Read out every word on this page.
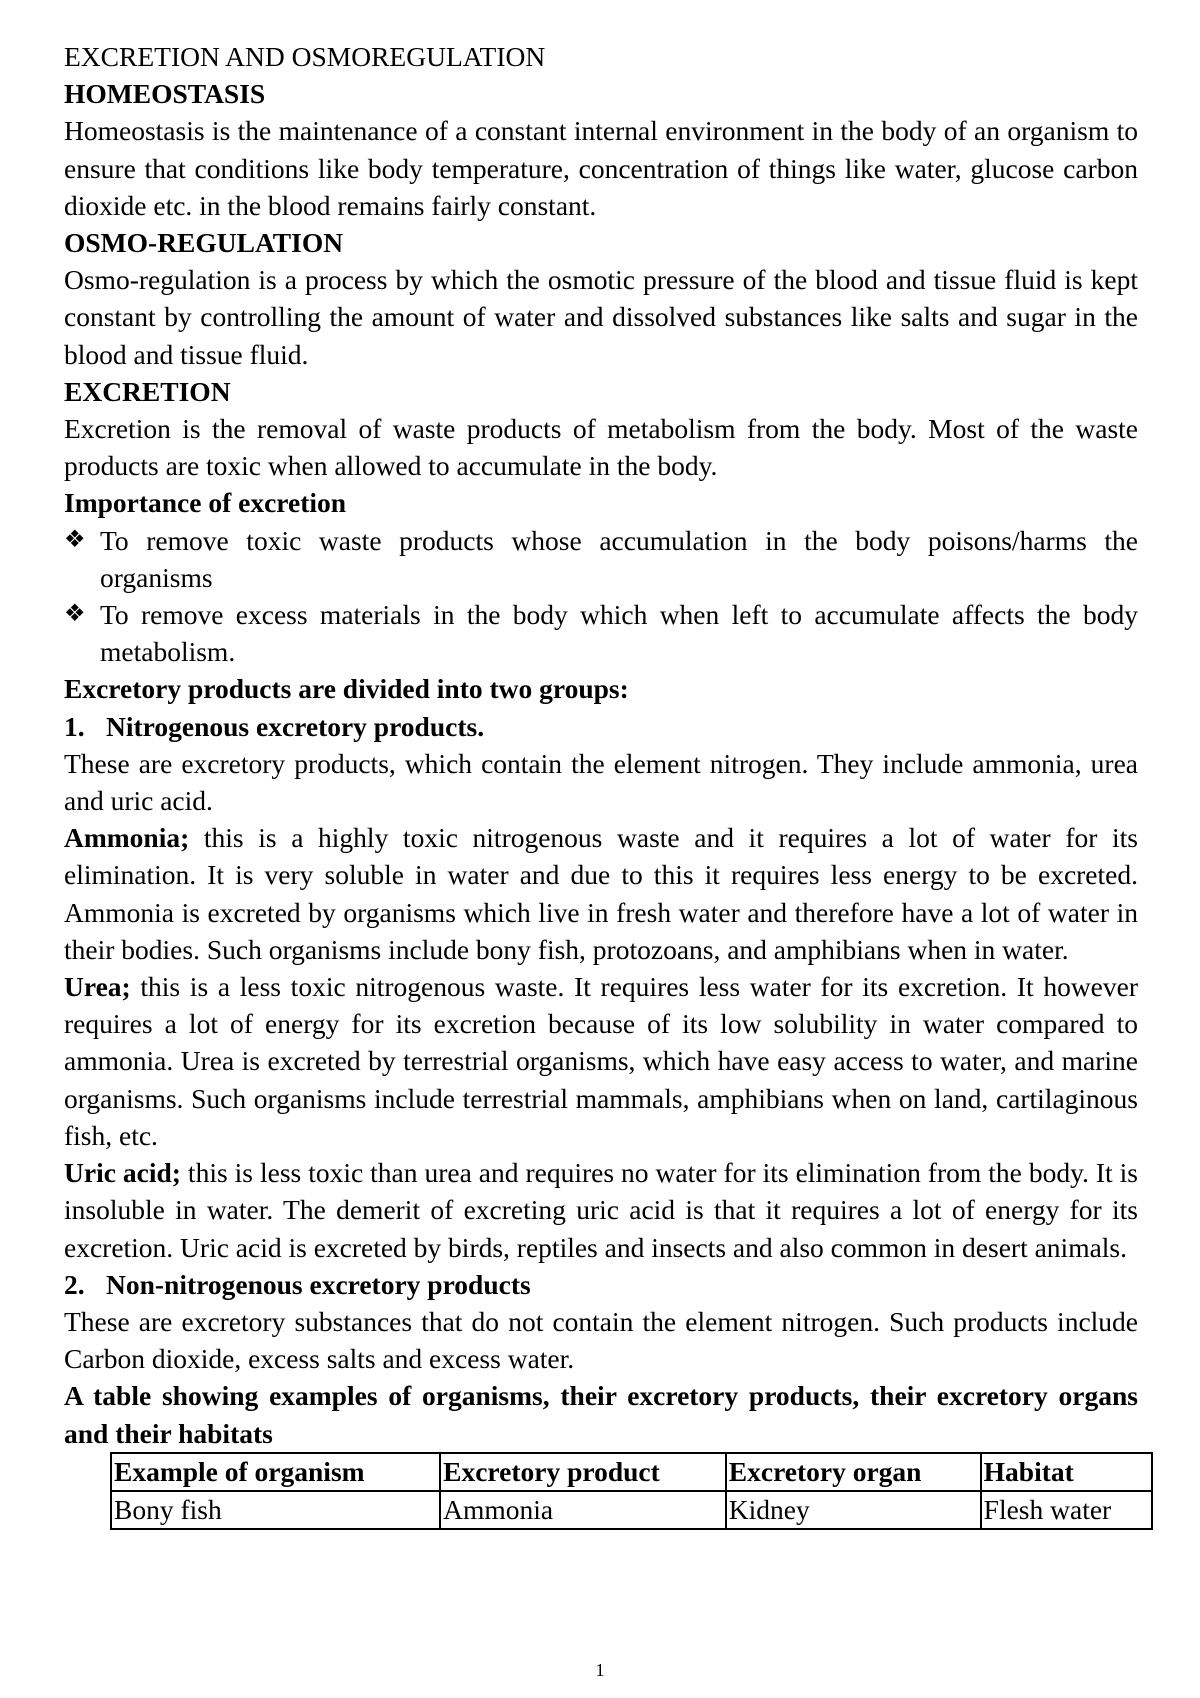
EXCRETION AND OSMOREGULATION
HOMEOSTASIS

Homeostasis is the maintenance of a constant internal environment in the body of an organism to ensure that conditions like body temperature, concentration of things like water, glucose carbon dioxide etc. in the blood remains fairly constant.

OSMO-REGULATION

Osmo-regulation is a process by which the osmotic pressure of the blood and tissue fluid is kept constant by controlling the amount of water and dissolved substances like salts and sugar in the blood and tissue fluid.

EXCRETION

Excretion is the removal of waste products of metabolism from the body. Most of the waste products are toxic when allowed to accumulate in the body.

Importance of excretion
❖ To remove toxic waste products whose accumulation in the body poisons/harms the organisms
❖ To remove excess materials in the body which when left to accumulate affects the body metabolism.
Excretory products are divided into two groups:
1. Nitrogenous excretory products.

These are excretory products, which contain the element nitrogen. They include ammonia, urea and uric acid.

Ammonia; this is a highly toxic nitrogenous waste and it requires a lot of water for its elimination. It is very soluble in water and due to this it requires less energy to be excreted. Ammonia is excreted by organisms which live in fresh water and therefore have a lot of water in their bodies. Such organisms include bony fish, protozoans, and amphibians when in water.

Urea; this is a less toxic nitrogenous waste. It requires less water for its excretion. It however requires a lot of energy for its excretion because of its low solubility in water compared to ammonia. Urea is excreted by terrestrial organisms, which have easy access to water, and marine organisms. Such organisms include terrestrial mammals, amphibians when on land, cartilaginous fish, etc.

Uric acid; this is less toxic than urea and requires no water for its elimination from the body. It is insoluble in water. The demerit of excreting uric acid is that it requires a lot of energy for its excretion. Uric acid is excreted by birds, reptiles and insects and also common in desert animals.

2. Non-nitrogenous excretory products

These are excretory substances that do not contain the element nitrogen. Such products include Carbon dioxide, excess salts and excess water.

A table showing examples of organisms, their excretory products, their excretory organs and their habitats

Example of organism	Excretory product	Excretory organ	Habitat
Bony fish	Ammonia	Kidney	Flesh water
1
